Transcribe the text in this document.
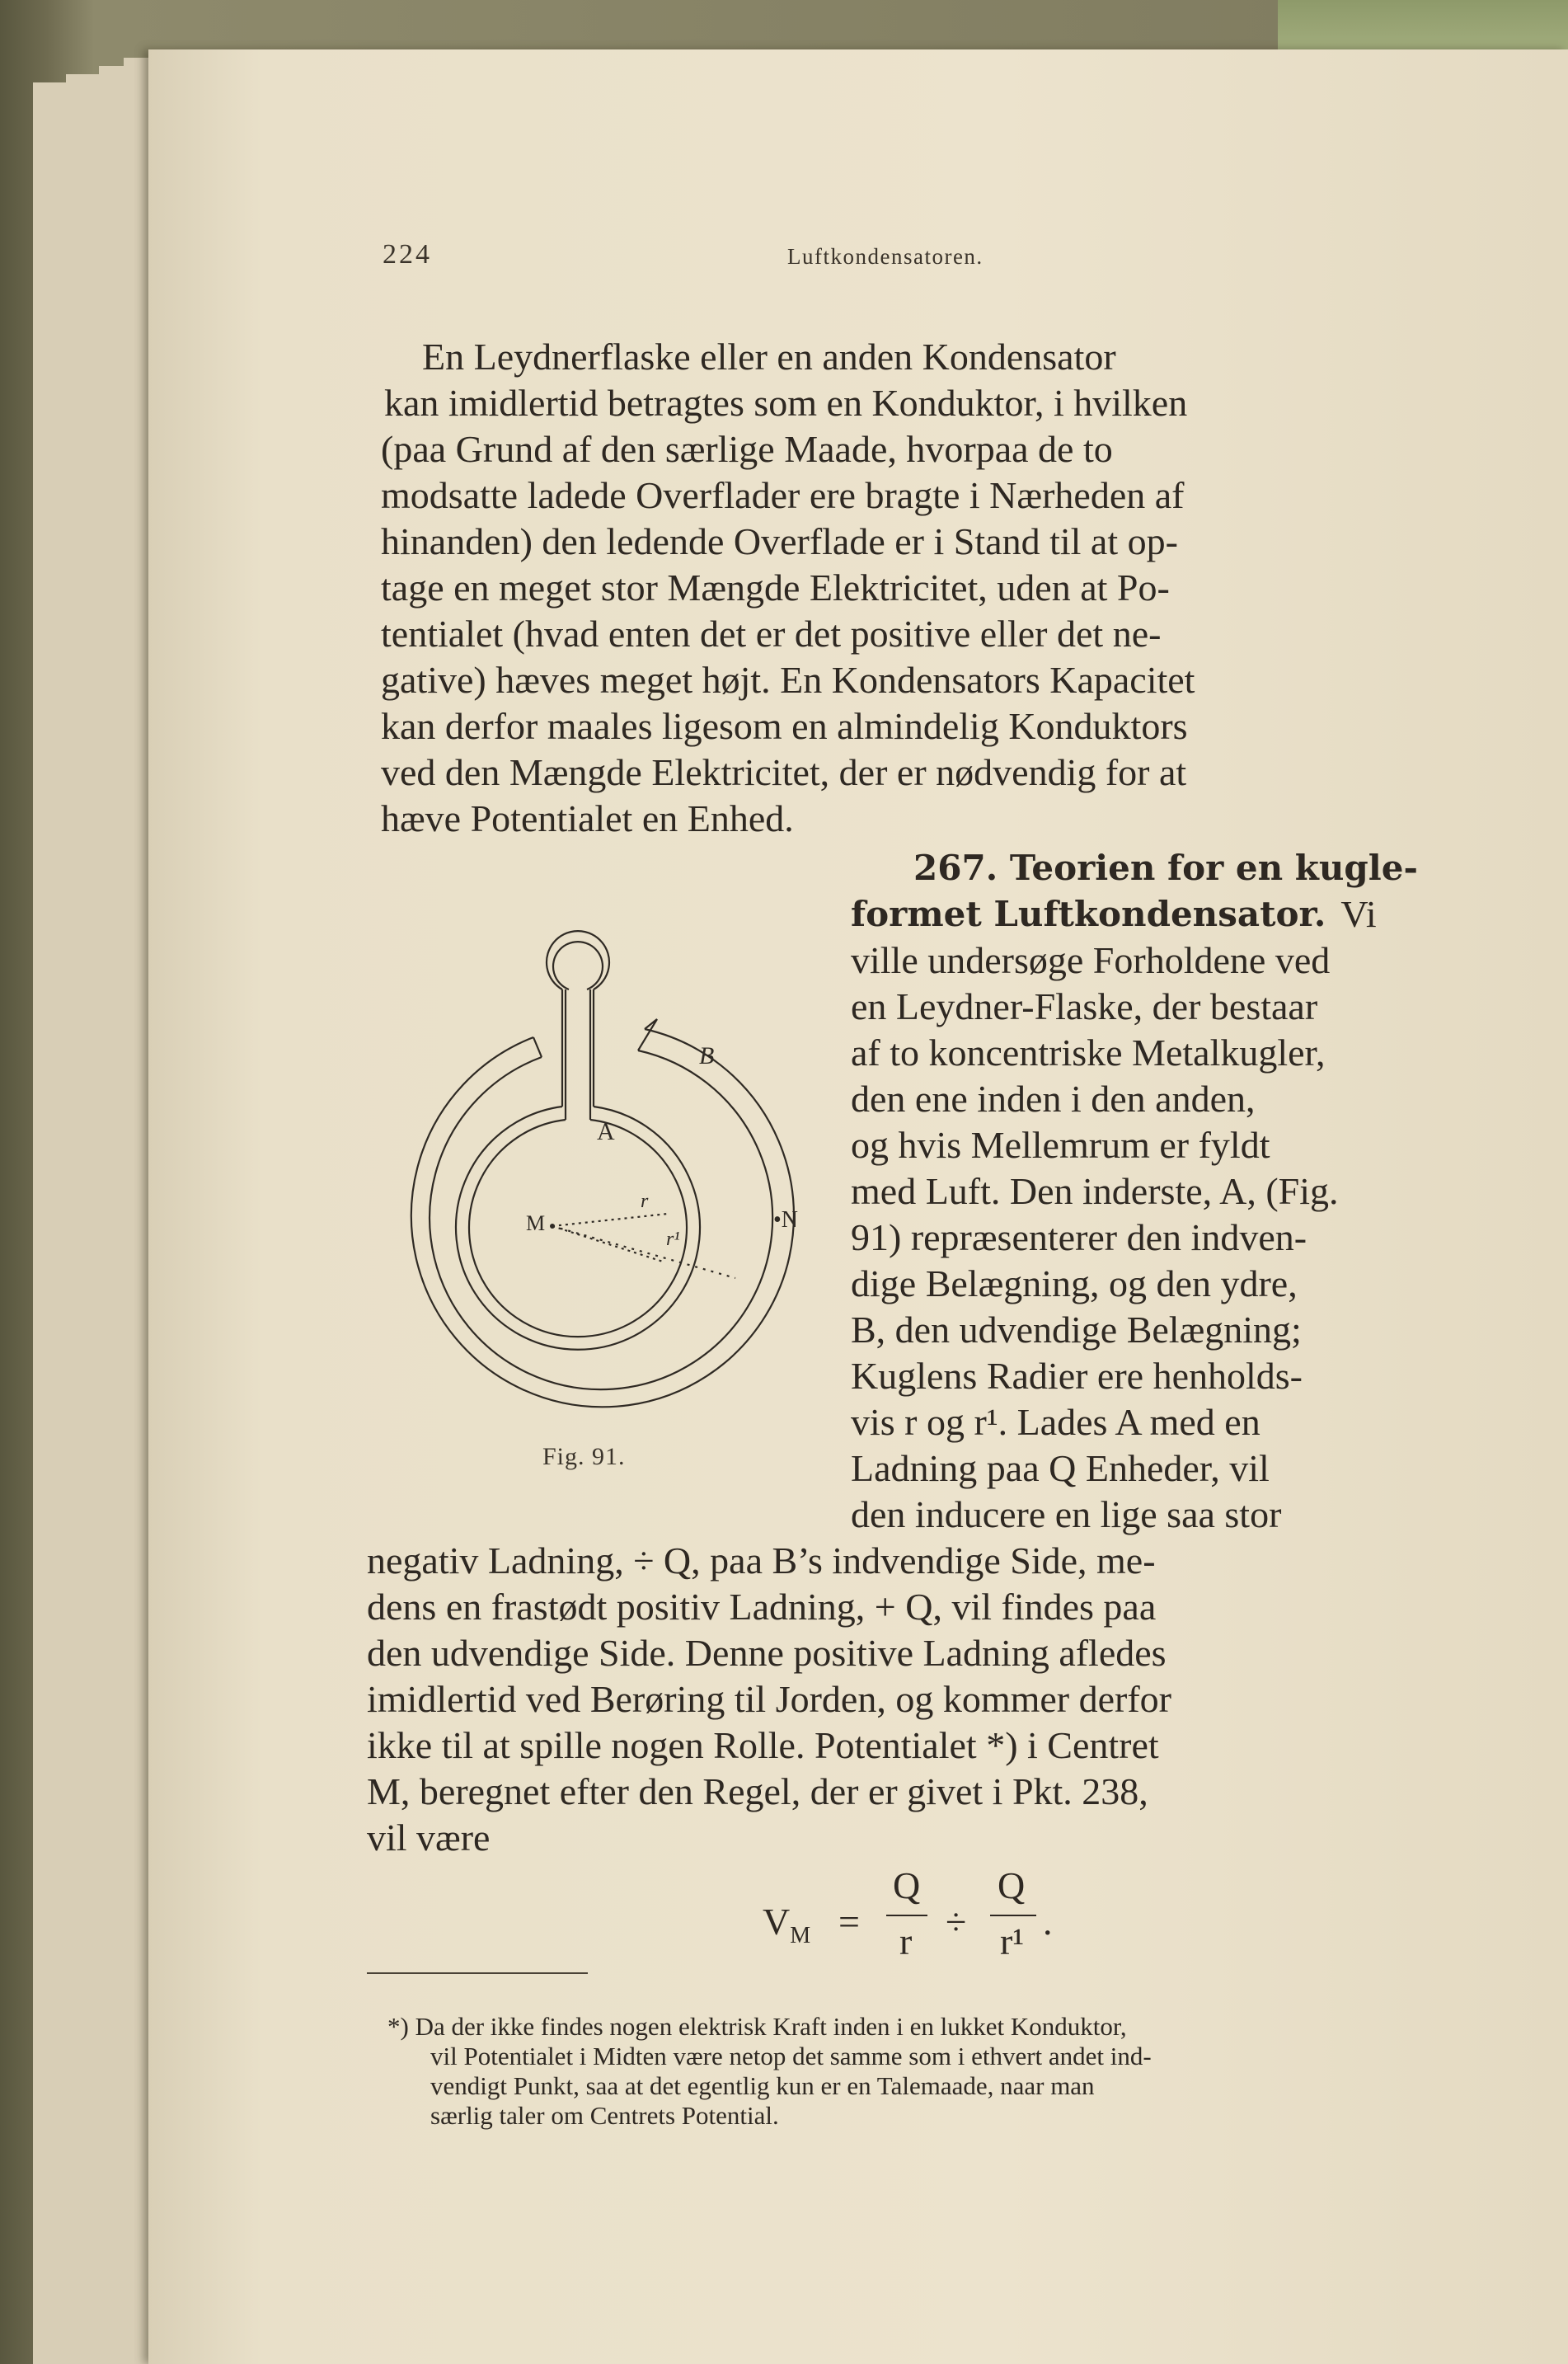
224	Luftkondensatoren.

En Leydnerflaske eller en anden Kondensator

kan imidlertid betragtes som en Konduktor, i hvilken

(paa Grund af den særlige Maade, hvorpaa de to

modsatte ladede Overflader ere bragte i Nærheden af

hinanden) den ledende Overflade er i Stand til at op-

tage en meget stor Mængde Elektricitet, uden at Po-

tentialet (hvad enten det er det positive eller det ne-

gative) hæves meget højt. En Kondensators Kapacitet

kan derfor maales ligesom en almindelig Konduktors

ved den Mængde Elektricitet, der er nødvendig for at

hæve Potentialet en Enhed.

267. Teorien for en kugle-

formet Luftkondensator. Vi

ville undersøge Forholdene ved

en Leydner-Flaske, der bestaar

af to koncentriske Metalkugler,

den ene inden i den anden,

og hvis Mellemrum er fyldt

med Luft. Den inderste, A, (Fig.

91) repræsenterer den indven-

dige Belægning, og den ydre,

B, den udvendige Belægning;

Kuglens Radier ere henholds-

vis r og r¹. Lades A med en

Ladning paa Q Enheder, vil

den inducere en lige saa stor

negativ Ladning, ÷ Q, paa B’s indvendige Side, me-

dens en frastødt positiv Ladning, + Q, vil findes paa

den udvendige Side. Denne positive Ladning afledes

imidlertid ved Berøring til Jorden, og kommer derfor

ikke til at spille nogen Rolle. Potentialet *) i Centret

M, beregnet efter den Regel, der er givet i Pkt. 238,

vil være

A
B
M
r
r¹
•N
Fig. 91.
$V_M$ =
Q
r ÷
Q
r¹ .

*) Da der ikke findes nogen elektrisk Kraft inden i en lukket Konduktor,

vil Potentialet i Midten være netop det samme som i ethvert andet ind-

vendigt Punkt, saa at det egentlig kun er en Talemaade, naar man

særlig taler om Centrets Potential.
